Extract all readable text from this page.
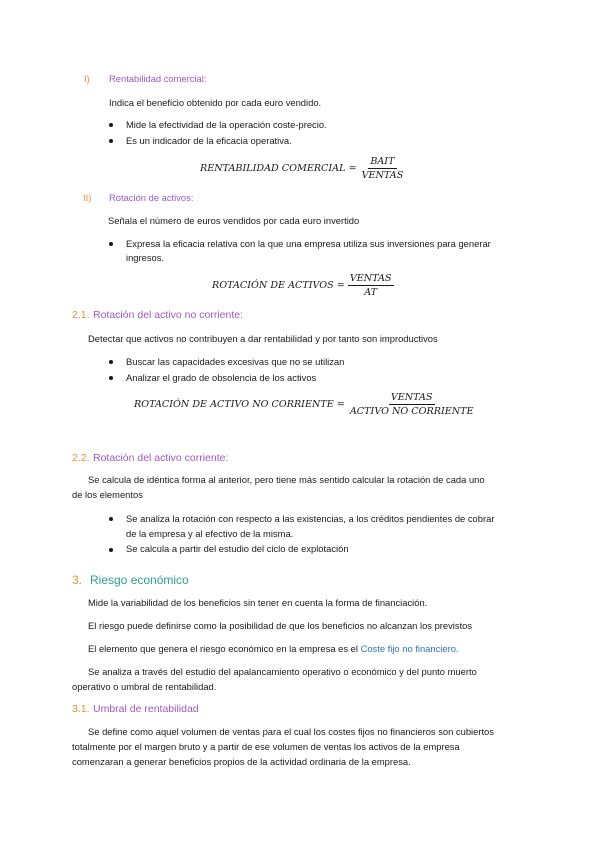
I) Rentabilidad comercial:
Indica el beneficio obtenido por cada euro vendido.
Mide la efectividad de la operación coste-precio.
Es un indicador de la eficacia operativa.
RENTABILIDAD COMERCIAL = $\frac{\text{BAIT}}{\text{VENTAS}}$
II) Rotación de activos:
Señala el número de euros vendidos por cada euro invertido
Expresa la eficacia relativa con la que una empresa utiliza sus inversiones para generar
ingresos.
ROTACIÓN DE ACTIVOS = $\frac{\text{VENTAS}}{AT}$
2.1. Rotación del activo no corriente:
Detectar que activos no contribuyen a dar rentabilidad y por tanto son improductivos
Buscar las capacidades excesivas que no se utilizan
Analizar el grado de obsolencia de los activos
ROTACIÓN DE ACTIVO NO CORRIENTE = $\frac{\text{VENTAS}}{\text{ACTIVO NO CORRIENTE}}$
2.2. Rotación del activo corriente:
Se calcula de idéntica forma al anterior, pero tiene más sentido calcular la rotación de cada uno
de los elementos
Se analiza la rotación con respecto a las existencias, a los créditos pendientes de cobrar
de la empresa y al efectivo de la misma.
Se calcula a partir del estudio del ciclo de explotación
3. Riesgo económico
Mide la variabilidad de los beneficios sin tener en cuenta la forma de financiación.
El riesgo puede definirse como la posibilidad de que los beneficios no alcanzan los previstos
El elemento que genera el riesgo económico en la empresa es el Coste fijo no financiero.
Se analiza a través del estudio del apalancamiento operativo o económico y del punto muerto
operativo o umbral de rentabilidad.
3.1. Umbral de rentabilidad
Se define como aquel volumen de ventas para el cual los costes fijos no financieros son cubiertos
totalmente por el margen bruto y a partir de ese volumen de ventas los activos de la empresa
comenzaran a generar beneficios propios de la actividad ordinaria de la empresa.
